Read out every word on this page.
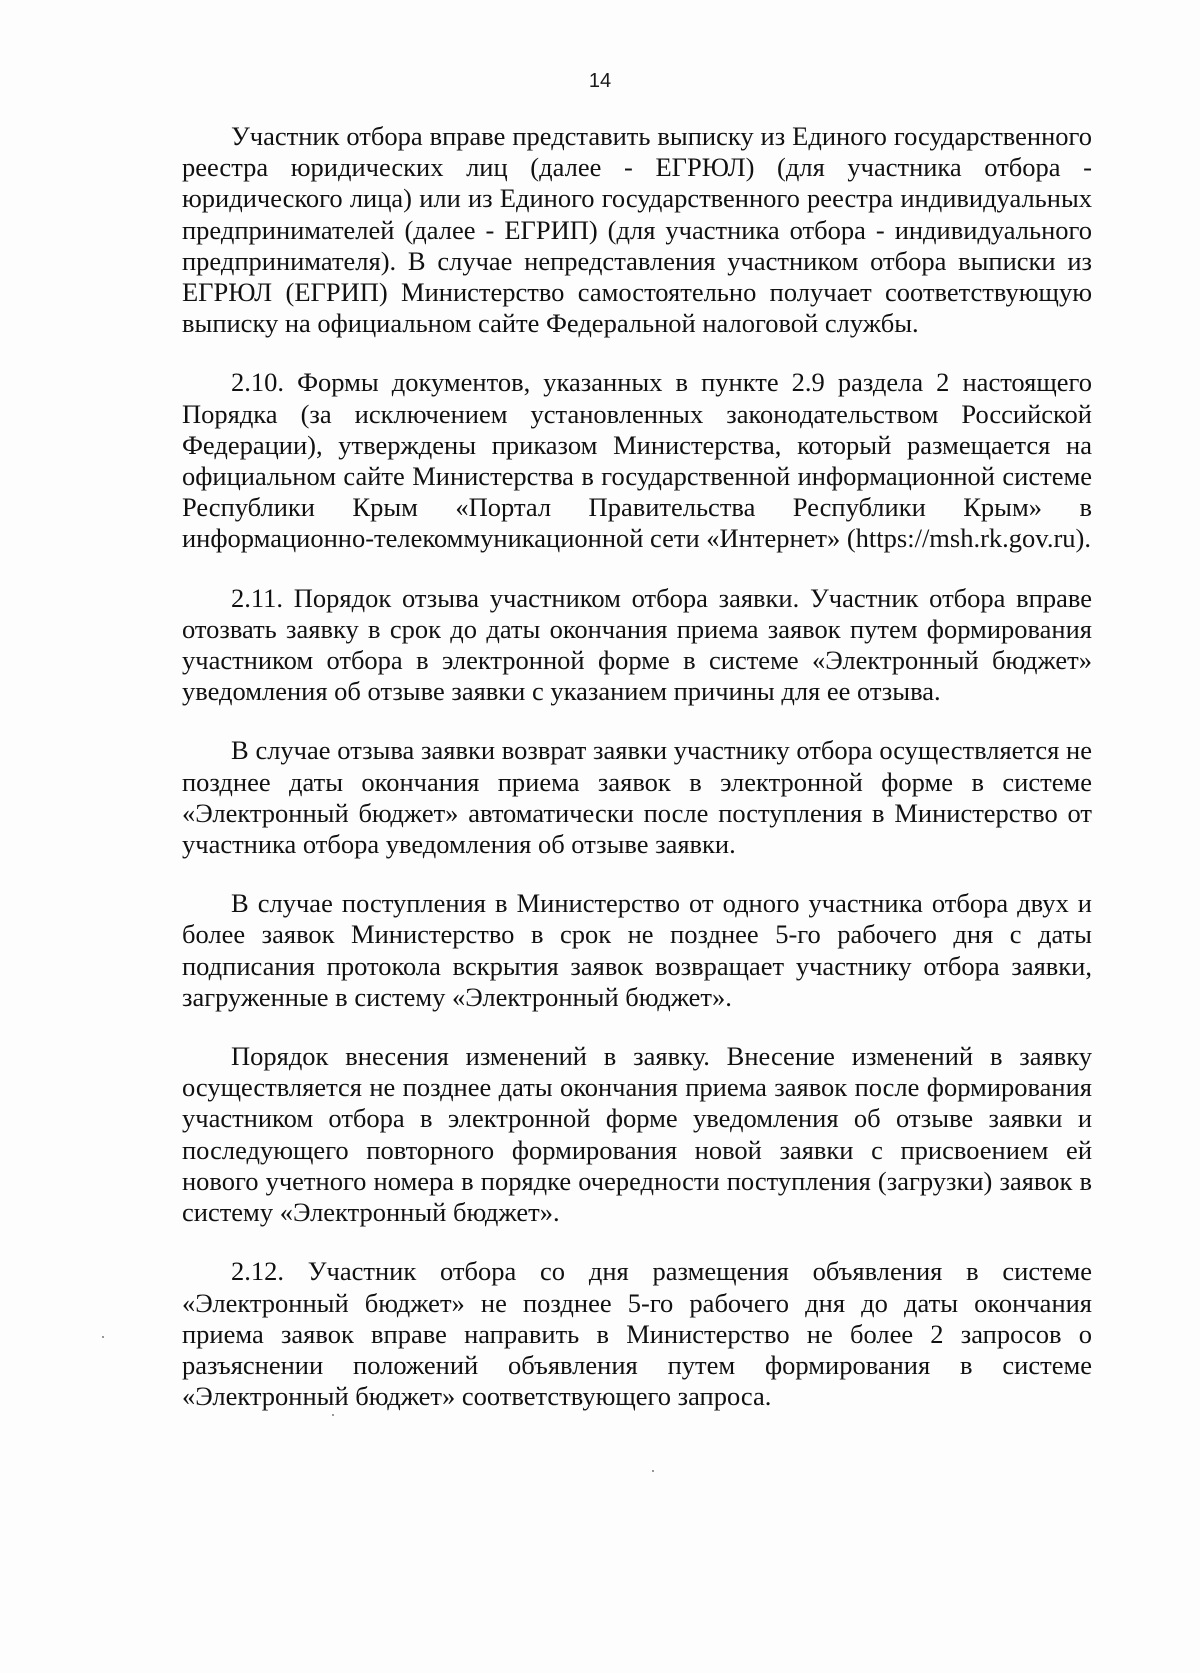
14

Участник отбора вправе представить выписку из Единого государственного реестра юридических лиц (далее - ЕГРЮЛ) (для участника отбора - юридического лица) или из Единого государственного реестра индивидуальных предпринимателей (далее - ЕГРИП) (для участника отбора - индивидуального предпринимателя). В случае непредставления участником отбора выписки из ЕГРЮЛ (ЕГРИП) Министерство самостоятельно получает соответствующую выписку на официальном сайте Федеральной налоговой службы.

2.10. Формы документов, указанных в пункте 2.9 раздела 2 настоящего Порядка (за исключением установленных законодательством Российской Федерации), утверждены приказом Министерства, который размещается на официальном сайте Министерства в государственной информационной системе Республики Крым «Портал Правительства Республики Крым» в информационно-телекоммуникационной сети «Интернет» (https://msh.rk.gov.ru).

2.11. Порядок отзыва участником отбора заявки. Участник отбора вправе отозвать заявку в срок до даты окончания приема заявок путем формирования участником отбора в электронной форме в системе «Электронный бюджет» уведомления об отзыве заявки с указанием причины для ее отзыва.

В случае отзыва заявки возврат заявки участнику отбора осуществляется не позднее даты окончания приема заявок в электронной форме в системе «Электронный бюджет» автоматически после поступления в Министерство от участника отбора уведомления об отзыве заявки.

В случае поступления в Министерство от одного участника отбора двух и более заявок Министерство в срок не позднее 5-го рабочего дня с даты подписания протокола вскрытия заявок возвращает участнику отбора заявки, загруженные в систему «Электронный бюджет».

Порядок внесения изменений в заявку. Внесение изменений в заявку осуществляется не позднее даты окончания приема заявок после формирования участником отбора в электронной форме уведомления об отзыве заявки и последующего повторного формирования новой заявки с присвоением ей нового учетного номера в порядке очередности поступления (загрузки) заявок в систему «Электронный бюджет».

2.12. Участник отбора со дня размещения объявления в системе «Электронный бюджет» не позднее 5-го рабочего дня до даты окончания приема заявок вправе направить в Министерство не более 2 запросов о разъяснении положений объявления путем формирования в системе «Электронный бюджет» соответствующего запроса.
